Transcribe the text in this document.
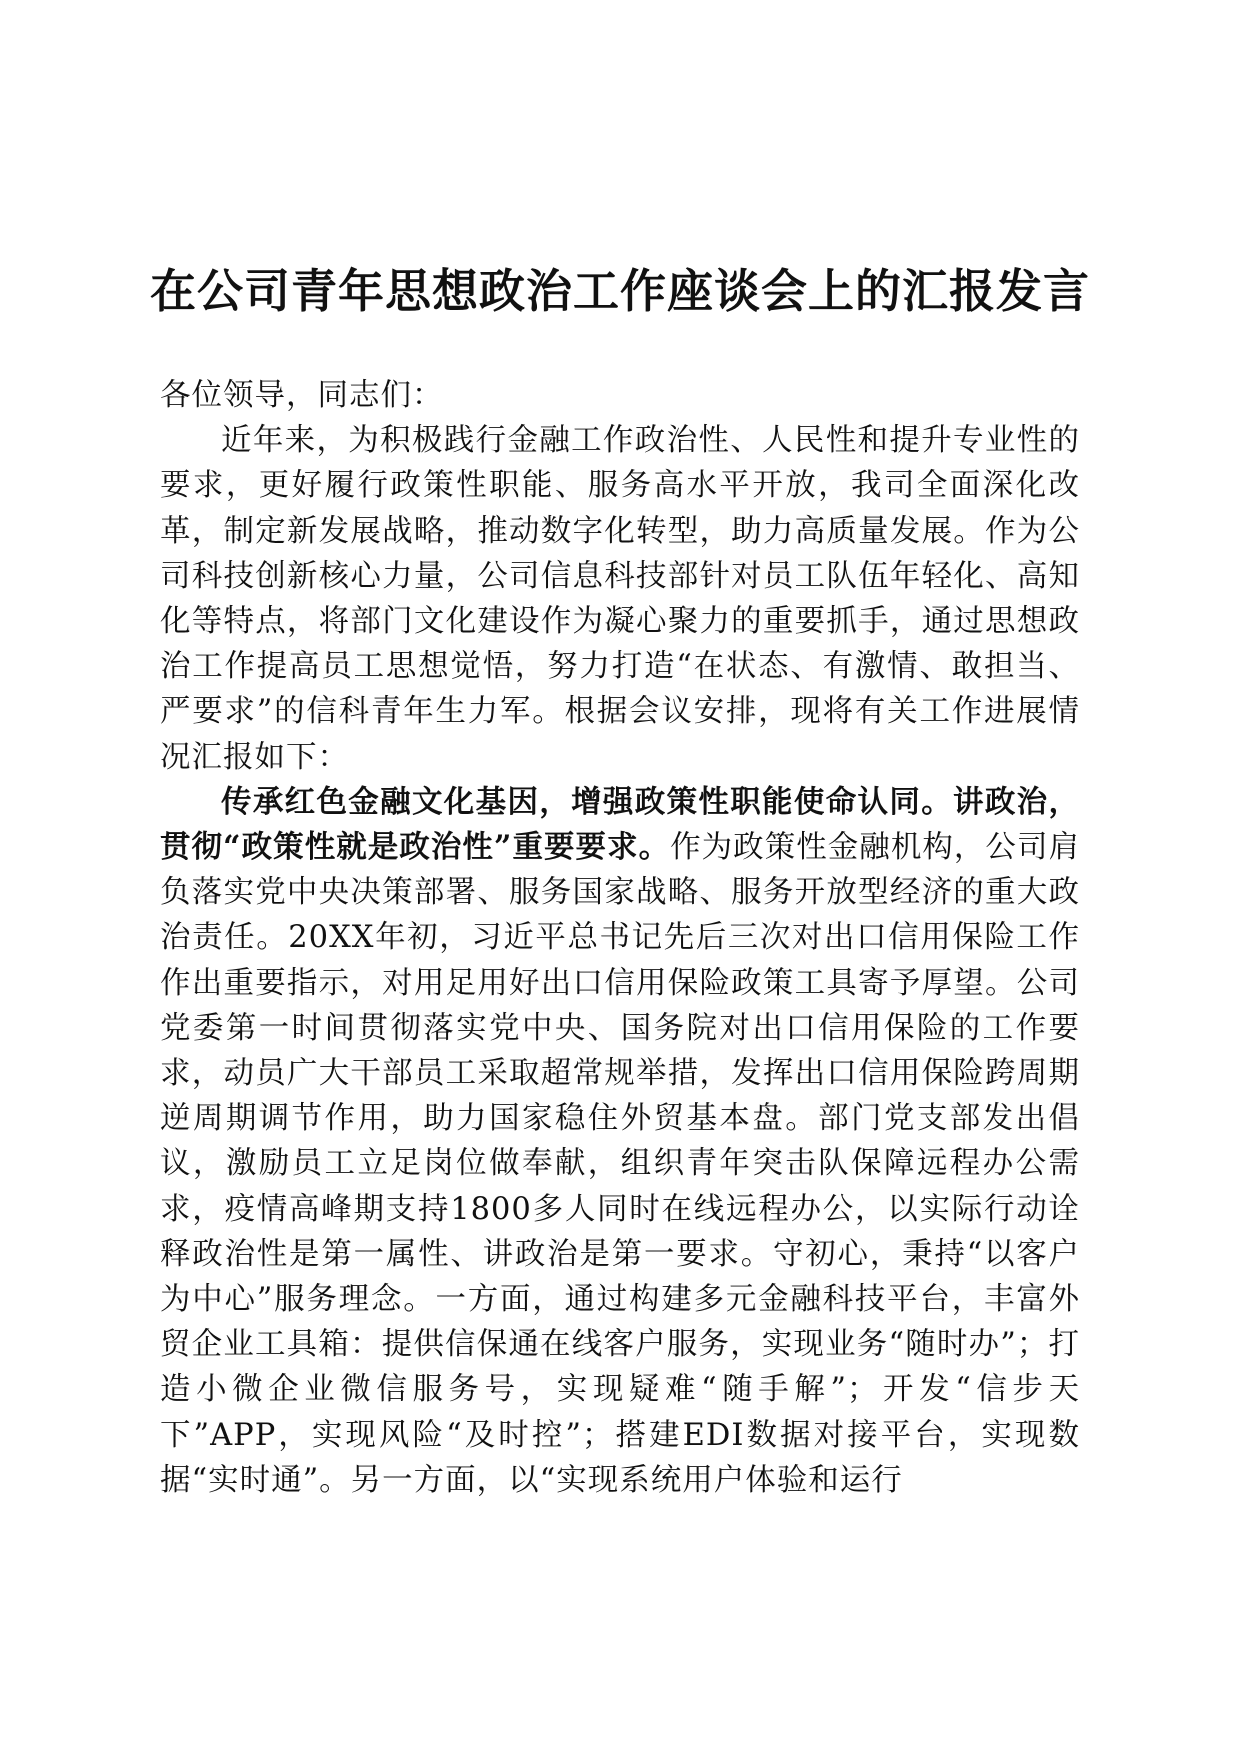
在公司青年思想政治工作座谈会上的汇报发言

各位领导，同志们：

近年来，为积极践行金融工作政治性、人民性和提升专业性的要求，更好履行政策性职能、服务高水平开放，我司全面深化改革，制定新发展战略，推动数字化转型，助力高质量发展。作为公司科技创新核心力量，公司信息科技部针对员工队伍年轻化、高知化等特点，将部门文化建设作为凝心聚力的重要抓手，通过思想政治工作提高员工思想觉悟，努力打造“在状态、有激情、敢担当、严要求”的信科青年生力军。根据会议安排，现将有关工作进展情况汇报如下：

传承红色金融文化基因，增强政策性职能使命认同。讲政治，贯彻“政策性就是政治性”重要要求。作为政策性金融机构，公司肩负落实党中央决策部署、服务国家战略、服务开放型经济的重大政治责任。20XX年初，习近平总书记先后三次对出口信用保险工作作出重要指示，对用足用好出口信用保险政策工具寄予厚望。公司党委第一时间贯彻落实党中央、国务院对出口信用保险的工作要求，动员广大干部员工采取超常规举措，发挥出口信用保险跨周期逆周期调节作用，助力国家稳住外贸基本盘。部门党支部发出倡议，激励员工立足岗位做奉献，组织青年突击队保障远程办公需求，疫情高峰期支持1800多人同时在线远程办公，以实际行动诠释政治性是第一属性、讲政治是第一要求。守初心，秉持“以客户为中心”服务理念。一方面，通过构建多元金融科技平台，丰富外贸企业工具箱：提供信保通在线客户服务，实现业务“随时办”；打造小微企业微信服务号，实现疑难“随手解”；开发“信步天下”APP，实现风险“及时控”；搭建EDI数据对接平台，实现数据“实时通”。另一方面，以“实现系统用户体验和运行
